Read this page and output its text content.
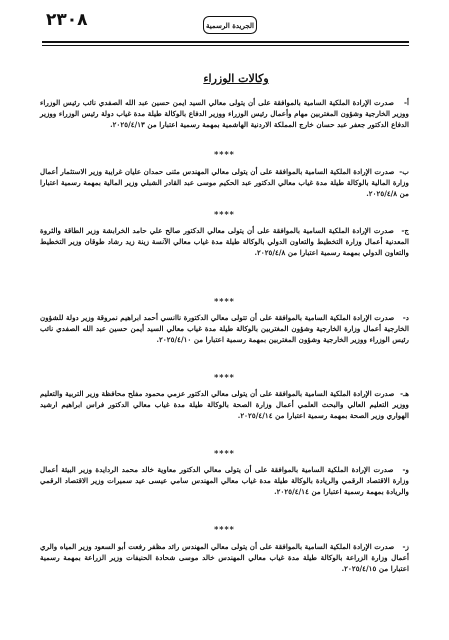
٢٣٠٨	الجريدة الرسمية
وكالات الوزراء
أ- صدرت الإرادة الملكية السامية بالموافقة على أن يتولى معالي السيد ايمن حسين عبد الله الصفدي نائب رئيس الوزراء ووزير الخارجية وشؤون المغتربين مهام وأعمال رئيس الوزراء ووزير الدفاع بالوكالة طيلة مدة غياب دولة رئيس الوزراء ووزير الدفاع الدكتور جعفر عبد حسان خارج المملكة الاردنية الهاشمية بمهمة رسمية اعتبارا من ٢٠٢٥/٤/١٣.
****
ب- صدرت الإرادة الملكية السامية بالموافقة على أن يتولى معالي المهندس مثنى حمدان عليان غرايبة وزير الاستثمار أعمال وزارة المالية بالوكالة طيلة مدة غياب معالي الدكتور عبد الحكيم موسى عبد القادر الشبلي وزير المالية بمهمة رسمية اعتبارا من ٢٠٢٥/٤/٨.
****
ج- صدرت الإرادة الملكية السامية بالموافقة على أن يتولى معالي الدكتور صالح علي حامد الخرابشة وزير الطاقة والثروة المعدنية أعمال وزارة التخطيط والتعاون الدولي بالوكالة طيلة مدة غياب معالي الآنسة زينة زيد رشاد طوقان وزير التخطيط والتعاون الدولي بمهمة رسمية اعتبارا من ٢٠٢٥/٤/٨.
****
د- صدرت الإرادة الملكية السامية بالموافقة على أن تتولى معالي الدكتورة ناانسي أحمد ابراهيم نمروقة وزير دولة للشؤون الخارجية أعمال وزارة الخارجية وشؤون المغتربين بالوكالة طيلة مدة غياب معالي السيد أيمن حسين عبد الله الصفدي نائب رئيس الوزراء ووزير الخارجية وشؤون المغتربين بمهمة رسمية اعتبارا من ٢٠٢٥/٤/١٠.
****
هـ- صدرت الإرادة الملكية السامية بالموافقة على أن يتولى معالي الدكتور عزمي محمود مفلح محافظة وزير التربية والتعليم ووزير التعليم العالي والبحث العلمي أعمال وزارة الصحة بالوكالة طيلة مدة غياب معالي الدكتور فراس ابراهيم ارشيد الهواري وزير الصحة بمهمة رسمية اعتبارا من ٢٠٢٥/٤/١٤.
****
و- صدرت الإرادة الملكية السامية بالموافقة على أن يتولى معالي الدكتور معاوية خالد محمد الردايدة وزير البيئة أعمال وزارة الاقتصاد الرقمي والريادة بالوكالة طيلة مدة غياب معالي المهندس سامي عيسى عيد سميرات وزير الاقتصاد الرقمي والريادة بمهمة رسمية اعتبارا من ٢٠٢٥/٤/١٤.
****
ز- صدرت الإرادة الملكية السامية بالموافقة على أن يتولى معالي المهندس رائد مظفر رفعت أبو السعود وزير المياه والري أعمال وزارة الزراعة بالوكالة طيلة مدة غياب معالي المهندس خالد موسى شحادة الحنيفات وزير الزراعة بمهمة رسمية اعتبارا من ٢٠٢٥/٤/١٥.
